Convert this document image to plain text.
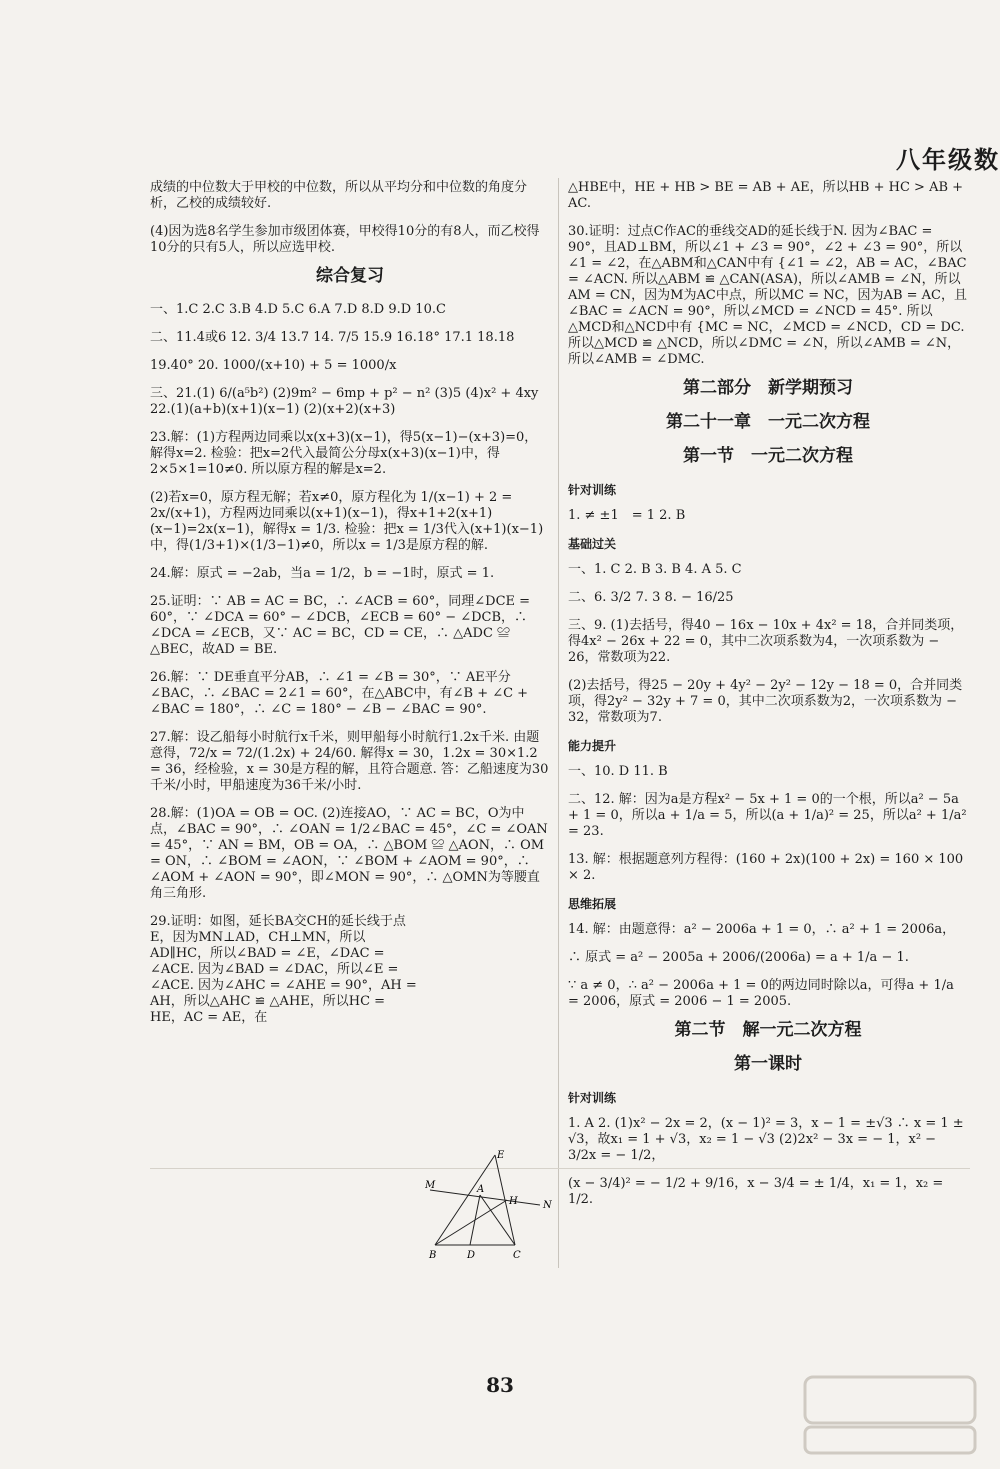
八年级数

成绩的中位数大于甲校的中位数，所以从平均分和中位数的角度分析，乙校的成绩较好.

(4)因为选8名学生参加市级团体赛，甲校得10分的有8人，而乙校得10分的只有5人，所以应选甲校.

综合复习

一、1.C 2.C 3.B 4.D 5.C 6.A 7.D 8.D 9.D 10.C

二、11.4或6 12. 3/4 13.7 14. 7/5 15.9 16.18° 17.1 18.18

19.40° 20. 1000/(x+10) + 5 = 1000/x

三、21.(1) 6/(a⁵b²) (2)9m² − 6mp + p² − n² (3)5 (4)x² + 4xy 22.(1)(a+b)(x+1)(x−1) (2)(x+2)(x+3)

23.解：(1)方程两边同乘以x(x+3)(x−1)，得5(x−1)−(x+3)=0，解得x=2. 检验：把x=2代入最简公分母x(x+3)(x−1)中，得2×5×1=10≠0. 所以原方程的解是x=2.

(2)若x=0，原方程无解；若x≠0，原方程化为 1/(x−1) + 2 = 2x/(x+1)，方程两边同乘以(x+1)(x−1)，得x+1+2(x+1)(x−1)=2x(x−1)，解得x = 1/3. 检验：把x = 1/3代入(x+1)(x−1)中，得(1/3+1)×(1/3−1)≠0，所以x = 1/3是原方程的解.

24.解：原式 = −2ab，当a = 1/2，b = −1时，原式 = 1.

25.证明：∵ AB = AC = BC，∴ ∠ACB = 60°，同理∠DCE = 60°，∵ ∠DCA = 60° − ∠DCB，∠ECB = 60° − ∠DCB，∴ ∠DCA = ∠ECB，又∵ AC = BC，CD = CE，∴ △ADC ≌ △BEC，故AD = BE.

26.解：∵ DE垂直平分AB，∴ ∠1 = ∠B = 30°，∵ AE平分∠BAC，∴ ∠BAC = 2∠1 = 60°，在△ABC中，有∠B + ∠C + ∠BAC = 180°，∴ ∠C = 180° − ∠B − ∠BAC = 90°.

27.解：设乙船每小时航行x千米，则甲船每小时航行1.2x千米. 由题意得，72/x = 72/(1.2x) + 24/60. 解得x = 30，1.2x = 30×1.2 = 36，经检验，x = 30是方程的解，且符合题意. 答：乙船速度为30千米/小时，甲船速度为36千米/小时.

28.解：(1)OA = OB = OC. (2)连接AO，∵ AC = BC，O为中点，∠BAC = 90°，∴ ∠OAN = 1/2∠BAC = 45°，∠C = ∠OAN = 45°，∵ AN = BM，OB = OA，∴ △BOM ≌ △AON，∴ OM = ON，∴ ∠BOM = ∠AON，∵ ∠BOM + ∠AOM = 90°，∴ ∠AOM + ∠AON = 90°，即∠MON = 90°，∴ △OMN为等腰直角三角形.

29.证明：如图，延长BA交CH的延长线于点E，因为MN⊥AD，CH⊥MN，所以AD∥HC，所以∠BAD = ∠E，∠DAC = ∠ACE. 因为∠BAD = ∠DAC，所以∠E = ∠ACE. 因为∠AHC = ∠AHE = 90°，AH = AH，所以△AHC ≌ △AHE，所以HC = HE，AC = AE，在

E
M	A
H	N
B	D	C

△HBE中，HE + HB > BE = AB + AE，所以HB + HC > AB + AC.

30.证明：过点C作AC的垂线交AD的延长线于N. 因为∠BAC = 90°，且AD⊥BM，所以∠1 + ∠3 = 90°，∠2 + ∠3 = 90°，所以∠1 = ∠2，在△ABM和△CAN中有 {∠1 = ∠2，AB = AC，∠BAC = ∠ACN. 所以△ABM ≌ △CAN(ASA)，所以∠AMB = ∠N，所以AM = CN，因为M为AC中点，所以MC = NC，因为AB = AC，且∠BAC = ∠ACN = 90°，所以∠MCD = ∠NCD = 45°. 所以△MCD和△NCD中有 {MC = NC，∠MCD = ∠NCD，CD = DC. 所以△MCD ≌ △NCD，所以∠DMC = ∠N，所以∠AMB = ∠N，所以∠AMB = ∠DMC.

第二部分　新学期预习
第二十一章　一元二次方程
第一节　一元二次方程
针对训练

1. ≠ ±1　= 1 2. B

基础过关

一、1. C 2. B 3. B 4. A 5. C

二、6. 3/2 7. 3 8. − 16/25

三、9. (1)去括号，得40 − 16x − 10x + 4x² = 18，合并同类项，得4x² − 26x + 22 = 0，其中二次项系数为4，一次项系数为 − 26，常数项为22.

(2)去括号，得25 − 20y + 4y² − 2y² − 12y − 18 = 0，合并同类项，得2y² − 32y + 7 = 0，其中二次项系数为2，一次项系数为 − 32，常数项为7.

能力提升

一、10. D 11. B

二、12. 解：因为a是方程x² − 5x + 1 = 0的一个根，所以a² − 5a + 1 = 0，所以a + 1/a = 5，所以(a + 1/a)² = 25，所以a² + 1/a² = 23.

13. 解：根据题意列方程得：(160 + 2x)(100 + 2x) = 160 × 100 × 2.

思维拓展

14. 解：由题意得：a² − 2006a + 1 = 0，∴ a² + 1 = 2006a，

∴ 原式 = a² − 2005a + 2006/(2006a) = a + 1/a − 1.

∵ a ≠ 0，∴ a² − 2006a + 1 = 0的两边同时除以a，可得a + 1/a = 2006，原式 = 2006 − 1 = 2005.

第二节　解一元二次方程
第一课时
针对训练

1. A 2. (1)x² − 2x = 2，(x − 1)² = 3，x − 1 = ±√3 ∴ x = 1 ± √3，故x₁ = 1 + √3，x₂ = 1 − √3 (2)2x² − 3x = − 1，x² − 3/2x = − 1/2，

(x − 3/4)² = − 1/2 + 9/16，x − 3/4 = ± 1/4，x₁ = 1，x₂ = 1/2.

83
